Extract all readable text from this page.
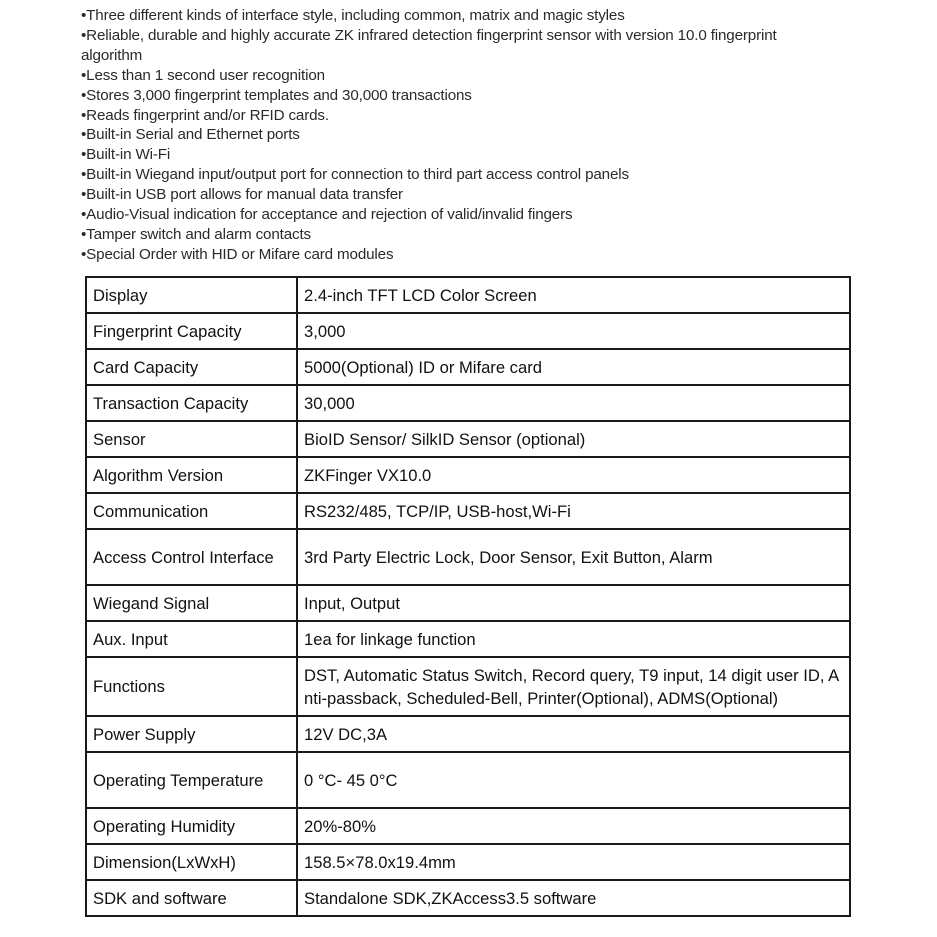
•Three different kinds of interface style, including common, matrix and magic styles
•Reliable, durable and highly accurate ZK infrared detection fingerprint sensor with version 10.0 fingerprint algorithm
•Less than 1 second user recognition
•Stores 3,000 fingerprint templates and 30,000 transactions
•Reads fingerprint and/or RFID cards.
•Built-in Serial and Ethernet ports
•Built-in Wi-Fi
•Built-in Wiegand input/output port for connection to third part access control panels
•Built-in USB port allows for manual data transfer
•Audio-Visual indication for acceptance and rejection of valid/invalid fingers
•Tamper switch and alarm contacts
•Special Order with HID or Mifare card modules
Display	2.4-inch TFT LCD Color Screen
Fingerprint Capacity	3,000
Card Capacity	5000(Optional) ID or Mifare card
Transaction Capacity	30,000
Sensor	BioID Sensor/ SilkID Sensor (optional)
Algorithm Version	ZKFinger VX10.0
Communication	RS232/485, TCP/IP, USB-host,Wi-Fi
Access Control Interface	3rd Party Electric Lock, Door Sensor, Exit Button, Alarm
Wiegand Signal	Input, Output
Aux. Input	1ea for linkage function
Functions	DST, Automatic Status Switch, Record query, T9 input, 14 digit user ID, Anti-passback, Scheduled-Bell, Printer(Optional), ADMS(Optional)
Power Supply	12V DC,3A
Operating Temperature	0 °C- 45 0°C
Operating Humidity	20%-80%
Dimension(LxWxH)	158.5×78.0x19.4mm
SDK and software	Standalone SDK,ZKAccess3.5 software
